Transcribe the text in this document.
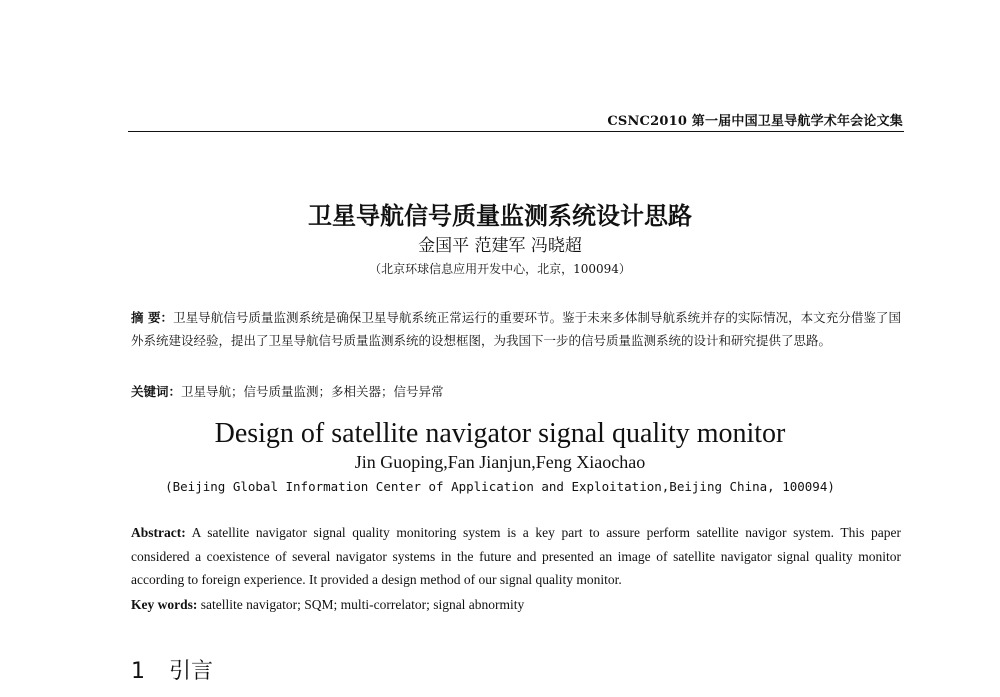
CSNC2010 第一届中国卫星导航学术年会论文集
卫星导航信号质量监测系统设计思路
金国平 范建军 冯晓超
（北京环球信息应用开发中心，北京，100094）
摘 要：卫星导航信号质量监测系统是确保卫星导航系统正常运行的重要环节。鉴于未来多体制导航系统并存的实际情况，本文充分借鉴了国外系统建设经验，提出了卫星导航信号质量监测系统的设想框图，为我国下一步的信号质量监测系统的设计和研究提供了思路。
关键词：卫星导航；信号质量监测；多相关器；信号异常
Design of satellite navigator signal quality monitor
Jin Guoping,Fan Jianjun,Feng Xiaochao
(Beijing Global Information Center of Application and Exploitation,Beijing China, 100094)
Abstract: A satellite navigator signal quality monitoring system is a key part to assure perform satellite navigor system. This paper considered a coexistence of several navigator systems in the future and presented an image of satellite navigator signal quality monitor according to foreign experience. It provided a design method of our signal quality monitor.
Key words: satellite navigator; SQM; multi-correlator; signal abnormity
1 引言
